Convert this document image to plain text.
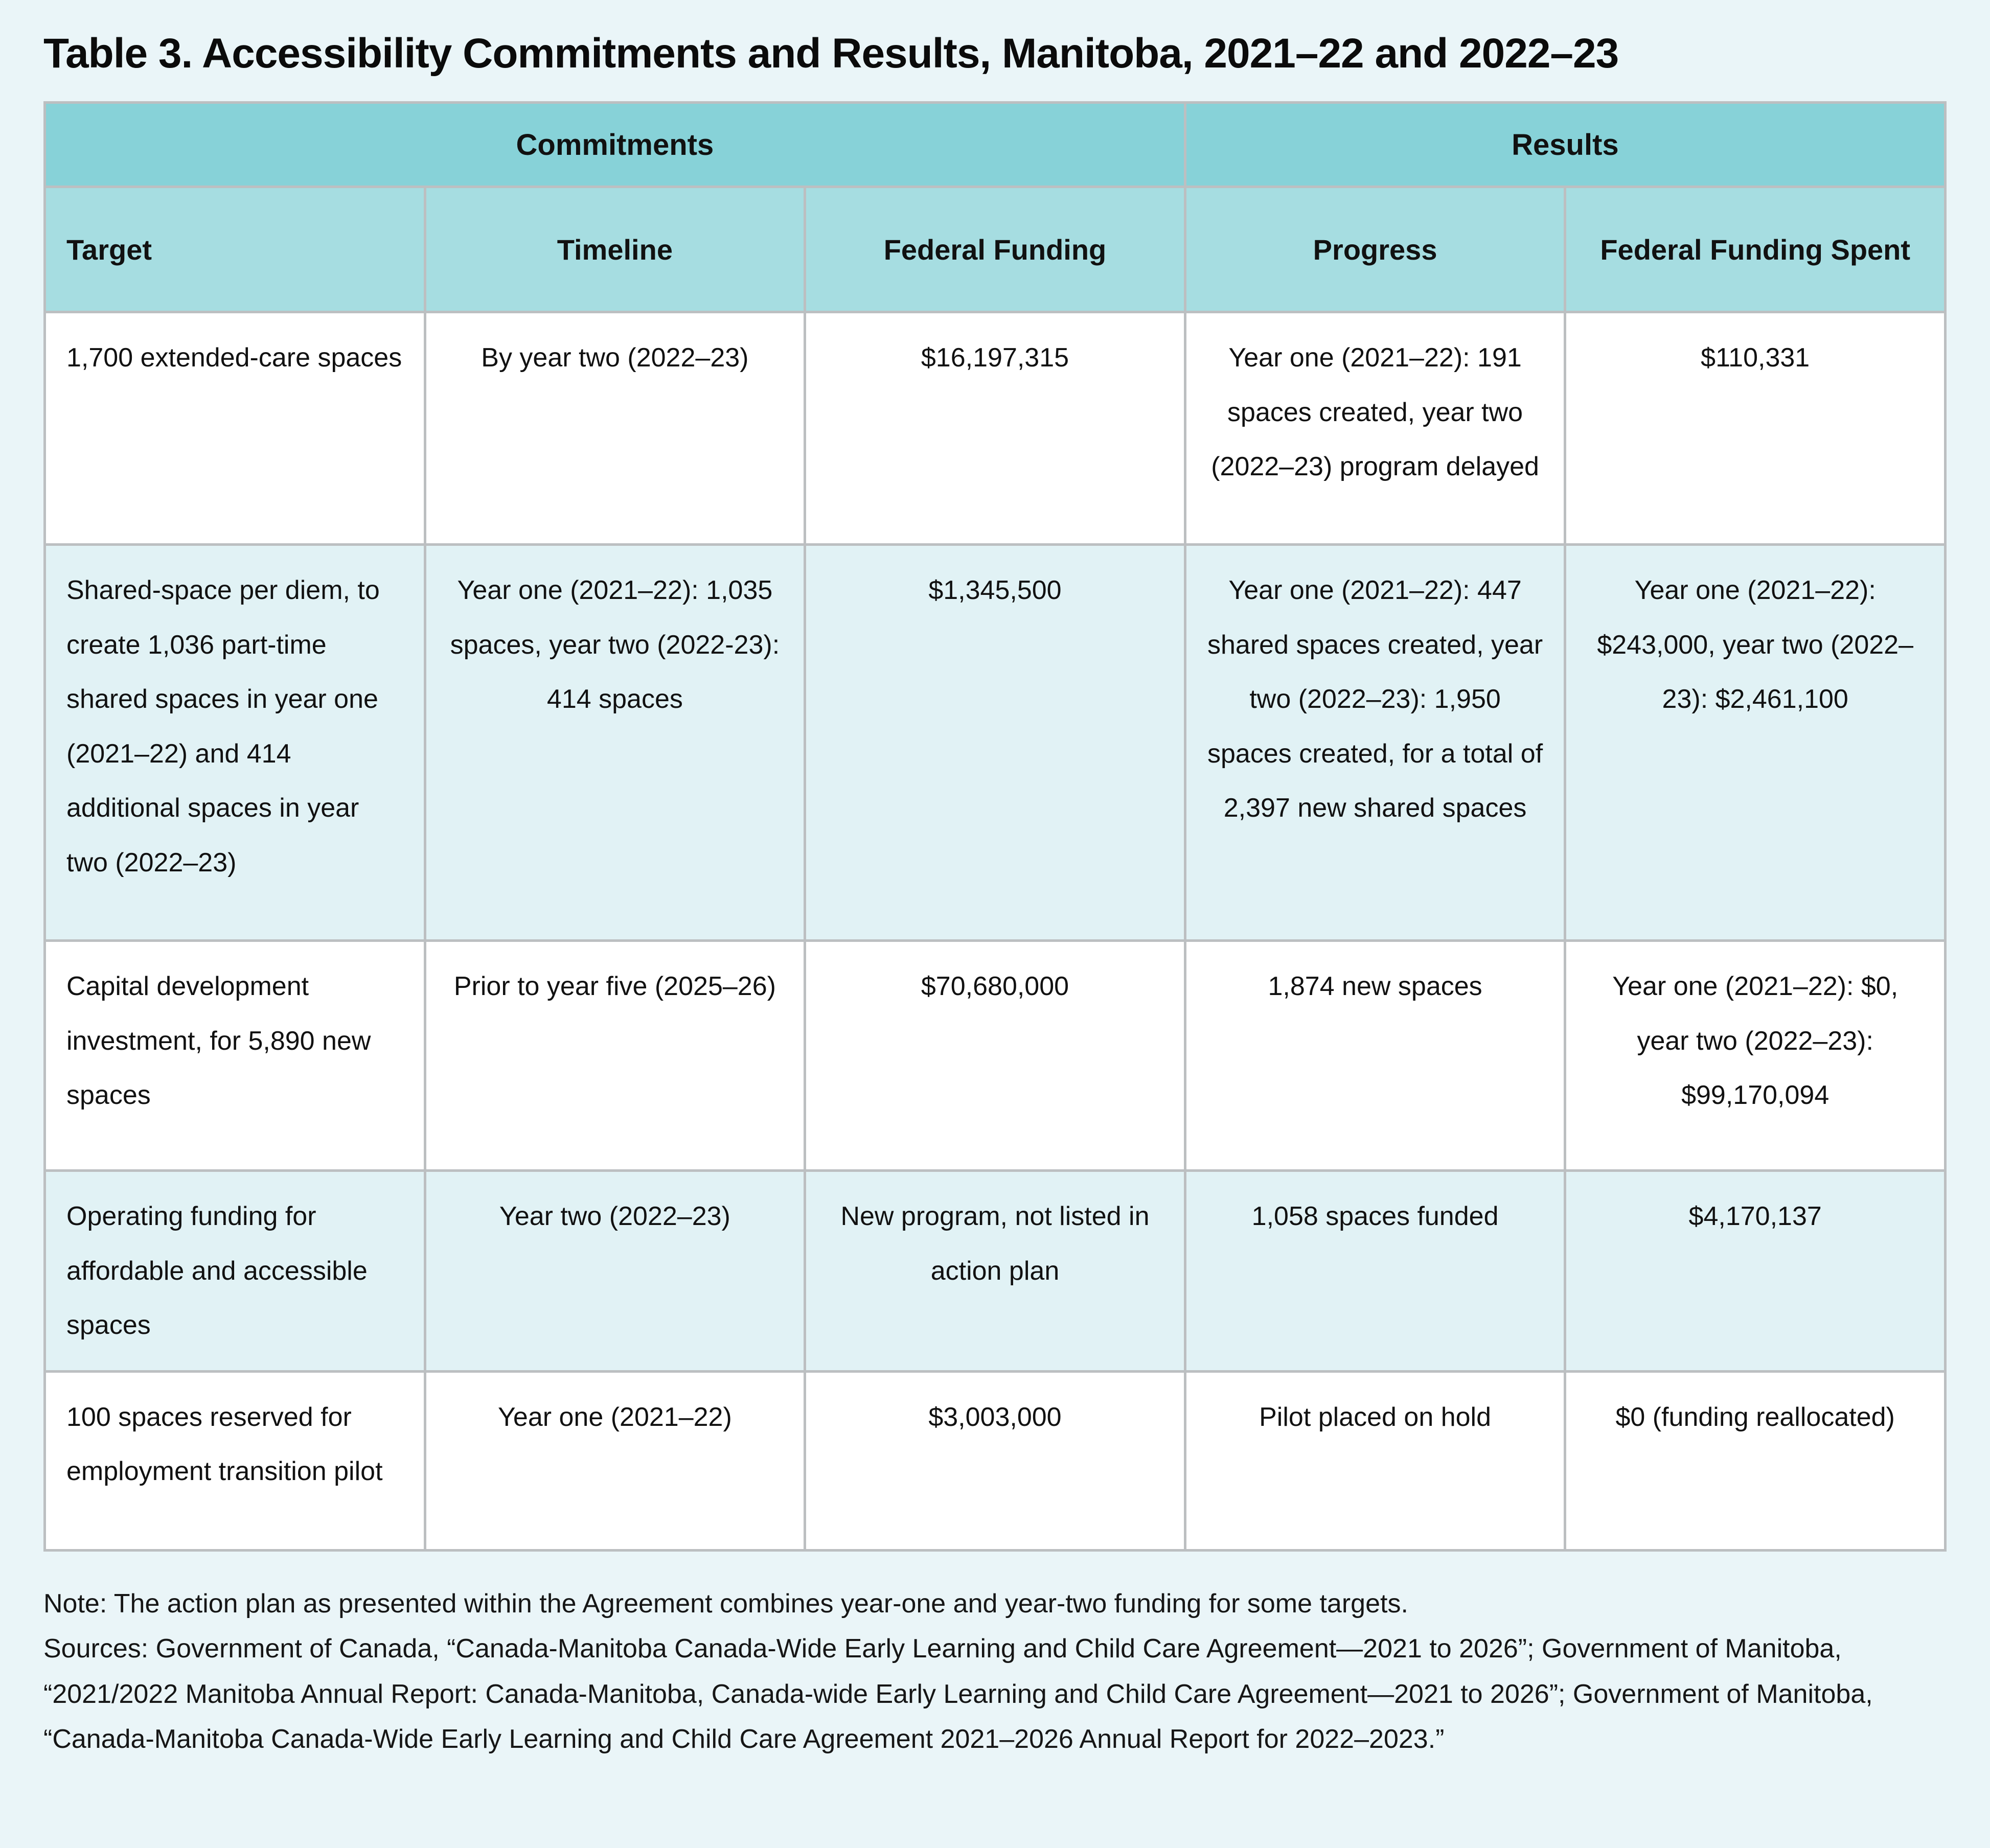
Table 3. Accessibility Commitments and Results, Manitoba, 2021–22 and 2022–23
Commitments			Results	
Target	Timeline	Federal Funding	Progress	Federal Funding Spent
1,700 extended-care spaces	By year two (2022–23)	$16,197,315	Year one (2021–22): 191 spaces created, year two (2022–23) program delayed	$110,331
Shared-space per diem, to create 1,036 part-time shared spaces in year one (2021–22) and 414 additional spaces in year two (2022–23)	Year one (2021–22): 1,035 spaces, year two (2022-23): 414 spaces	$1,345,500	Year one (2021–22): 447 shared spaces created, year two (2022–23): 1,950 spaces created, for a total of 2,397 new shared spaces	Year one (2021–22): $243,000, year two (2022–23): $2,461,100
Capital development investment, for 5,890 new spaces	Prior to year five (2025–26)	$70,680,000	1,874 new spaces	Year one (2021–22): $0, year two (2022–23): $99,170,094
Operating funding for affordable and accessible spaces	Year two (2022–23)	New program, not listed in action plan	1,058 spaces funded	$4,170,137
100 spaces reserved for employment transition pilot	Year one (2021–22)	$3,003,000	Pilot placed on hold	$0 (funding reallocated)

Note: The action plan as presented within the Agreement combines year-one and year-two funding for some targets.

Sources: Government of Canada, “Canada-Manitoba Canada-Wide Early Learning and Child Care Agreement—2021 to 2026”; Government of Manitoba, “2021/2022 Manitoba Annual Report: Canada-Manitoba, Canada-wide Early Learning and Child Care Agreement—2021 to 2026”; Government of Manitoba, “Canada-Manitoba Canada-Wide Early Learning and Child Care Agreement 2021–2026 Annual Report for 2022–2023.”
